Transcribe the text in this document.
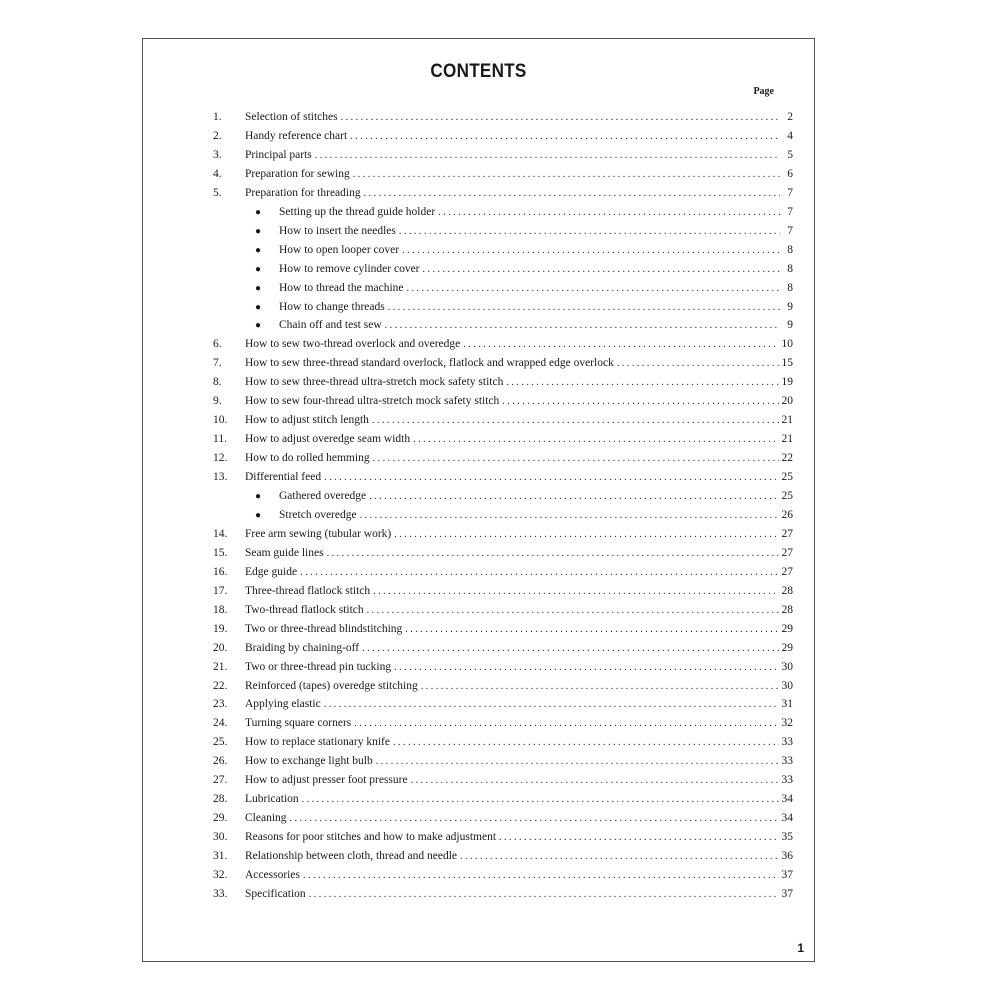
CONTENTS
Page
1.	Selection of stitches . . .	2
2.	Handy reference chart . . .	4
3.	Principal parts . . .	5
4.	Preparation for sewing . . .	6
5.	Preparation for threading . . .	7
●	Setting up the thread guide holder . . .	7
●	How to insert the needles . . .	7
●	How to open looper cover . . .	8
●	How to remove cylinder cover . . .	8
●	How to thread the machine . . .	8
●	How to change threads . . .	9
●	Chain off and test sew . . .	9
6.	How to sew two-thread overlock and overedge . . .	10
7.	How to sew three-thread standard overlock, flatlock and wrapped edge overlock . . .	15
8.	How to sew three-thread ultra-stretch mock safety stitch . . .	19
9.	How to sew four-thread ultra-stretch mock safety stitch . . .	20
10.	How to adjust stitch length . . .	21
11.	How to adjust overedge seam width . . .	21
12.	How to do rolled hemming . . .	22
13.	Differential feed . . .	25
●	Gathered overedge . . .	25
●	Stretch overedge . . .	26
14.	Free arm sewing (tubular work) . . .	27
15.	Seam guide lines . . .	27
16.	Edge guide . . .	27
17.	Three-thread flatlock stitch . . .	28
18.	Two-thread flatlock stitch . . .	28
19.	Two or three-thread blindstitching . . .	29
20.	Braiding by chaining-off . . .	29
21.	Two or three-thread pin tucking . . .	30
22.	Reinforced (tapes) overedge stitching . . .	30
23.	Applying elastic . . .	31
24.	Turning square corners . . .	32
25.	How to replace stationary knife . . .	33
26.	How to exchange light bulb . . .	33
27.	How to adjust presser foot pressure . . .	33
28.	Lubrication . . .	34
29.	Cleaning . . .	34
30.	Reasons for poor stitches and how to make adjustment . . .	35
31.	Relationship between cloth, thread and needle . . .	36
32.	Accessories . . .	37
33.	Specification . . .	37
1
